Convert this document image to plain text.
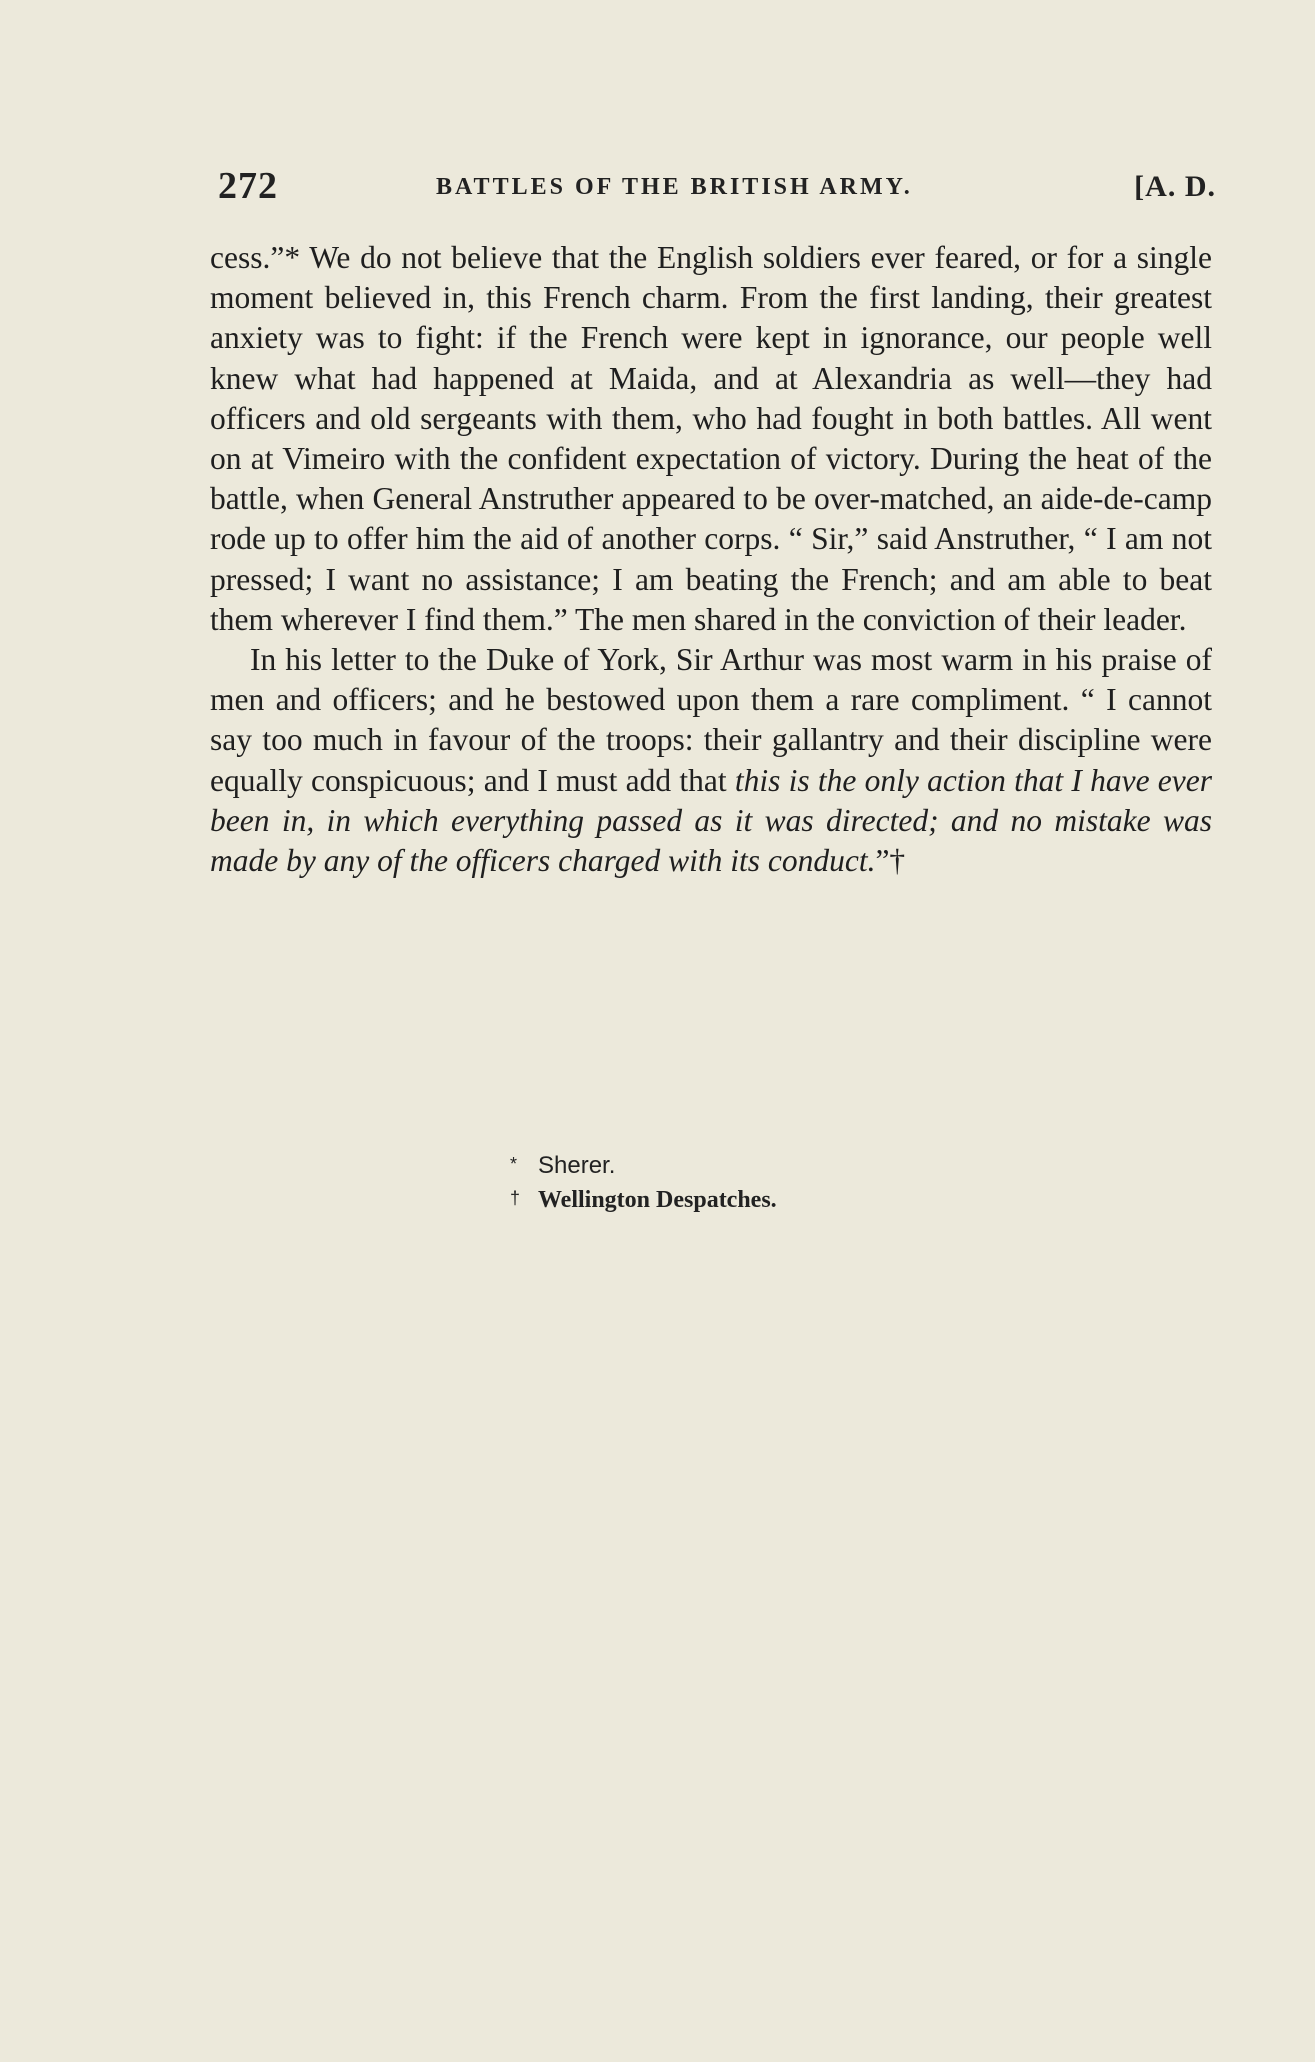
272	BATTLES OF THE BRITISH ARMY.	[A. D.

cess.”* We do not believe that the English soldiers ever feared, or for a single moment believed in, this French charm. From the first landing, their greatest anxiety was to fight: if the French were kept in ignorance, our people well knew what had happened at Maida, and at Alexandria as well—they had officers and old sergeants with them, who had fought in both battles. All went on at Vimeiro with the confident expectation of victory. During the heat of the battle, when General Anstruther appeared to be over-matched, an aide-de-camp rode up to offer him the aid of another corps. “ Sir,” said Anstruther, “ I am not pressed; I want no assistance; I am beating the French; and am able to beat them wherever I find them.” The men shared in the conviction of their leader.

In his letter to the Duke of York, Sir Arthur was most warm in his praise of men and officers; and he bestowed upon them a rare compliment. “ I cannot say too much in favour of the troops: their gallantry and their discipline were equally conspicuous; and I must add that this is the only action that I have ever been in, in which everything passed as it was directed; and no mistake was made by any of the officers charged with its conduct.”†

* Sherer.
† Wellington Despatches.
